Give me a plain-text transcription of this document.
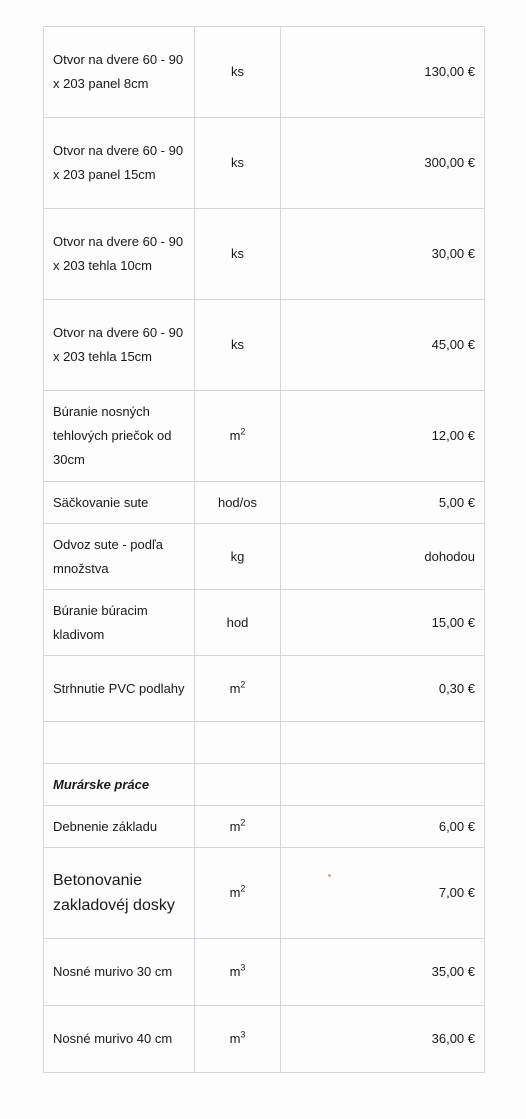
Otvor na dvere 60 - 90 x 203 panel 8cm	ks	130,00 €
Otvor na dvere 60 - 90 x 203 panel 15cm	ks	300,00 €
Otvor na dvere 60 - 90 x 203 tehla 10cm	ks	30,00 €
Otvor na dvere 60 - 90 x 203 tehla 15cm	ks	45,00 €
Búranie nosných tehlových priečok od 30cm	$m^2$	12,00 €
Säčkovanie sute	hod/os	5,00 €
Odvoz sute - podľa množstva	kg	dohodou
Búranie búracim kladivom	hod	15,00 €
Strhnutie PVC podlahy	$m^2$	0,30 €

Murárske práce		
Debnenie základu	$m^2$	6,00 €
Betonovanie zakladovéj dosky	$m^2$	7,00 €
Nosné murivo 30 cm	$m^3$	35,00 €
Nosné murivo 40 cm	$m^3$	36,00 €
